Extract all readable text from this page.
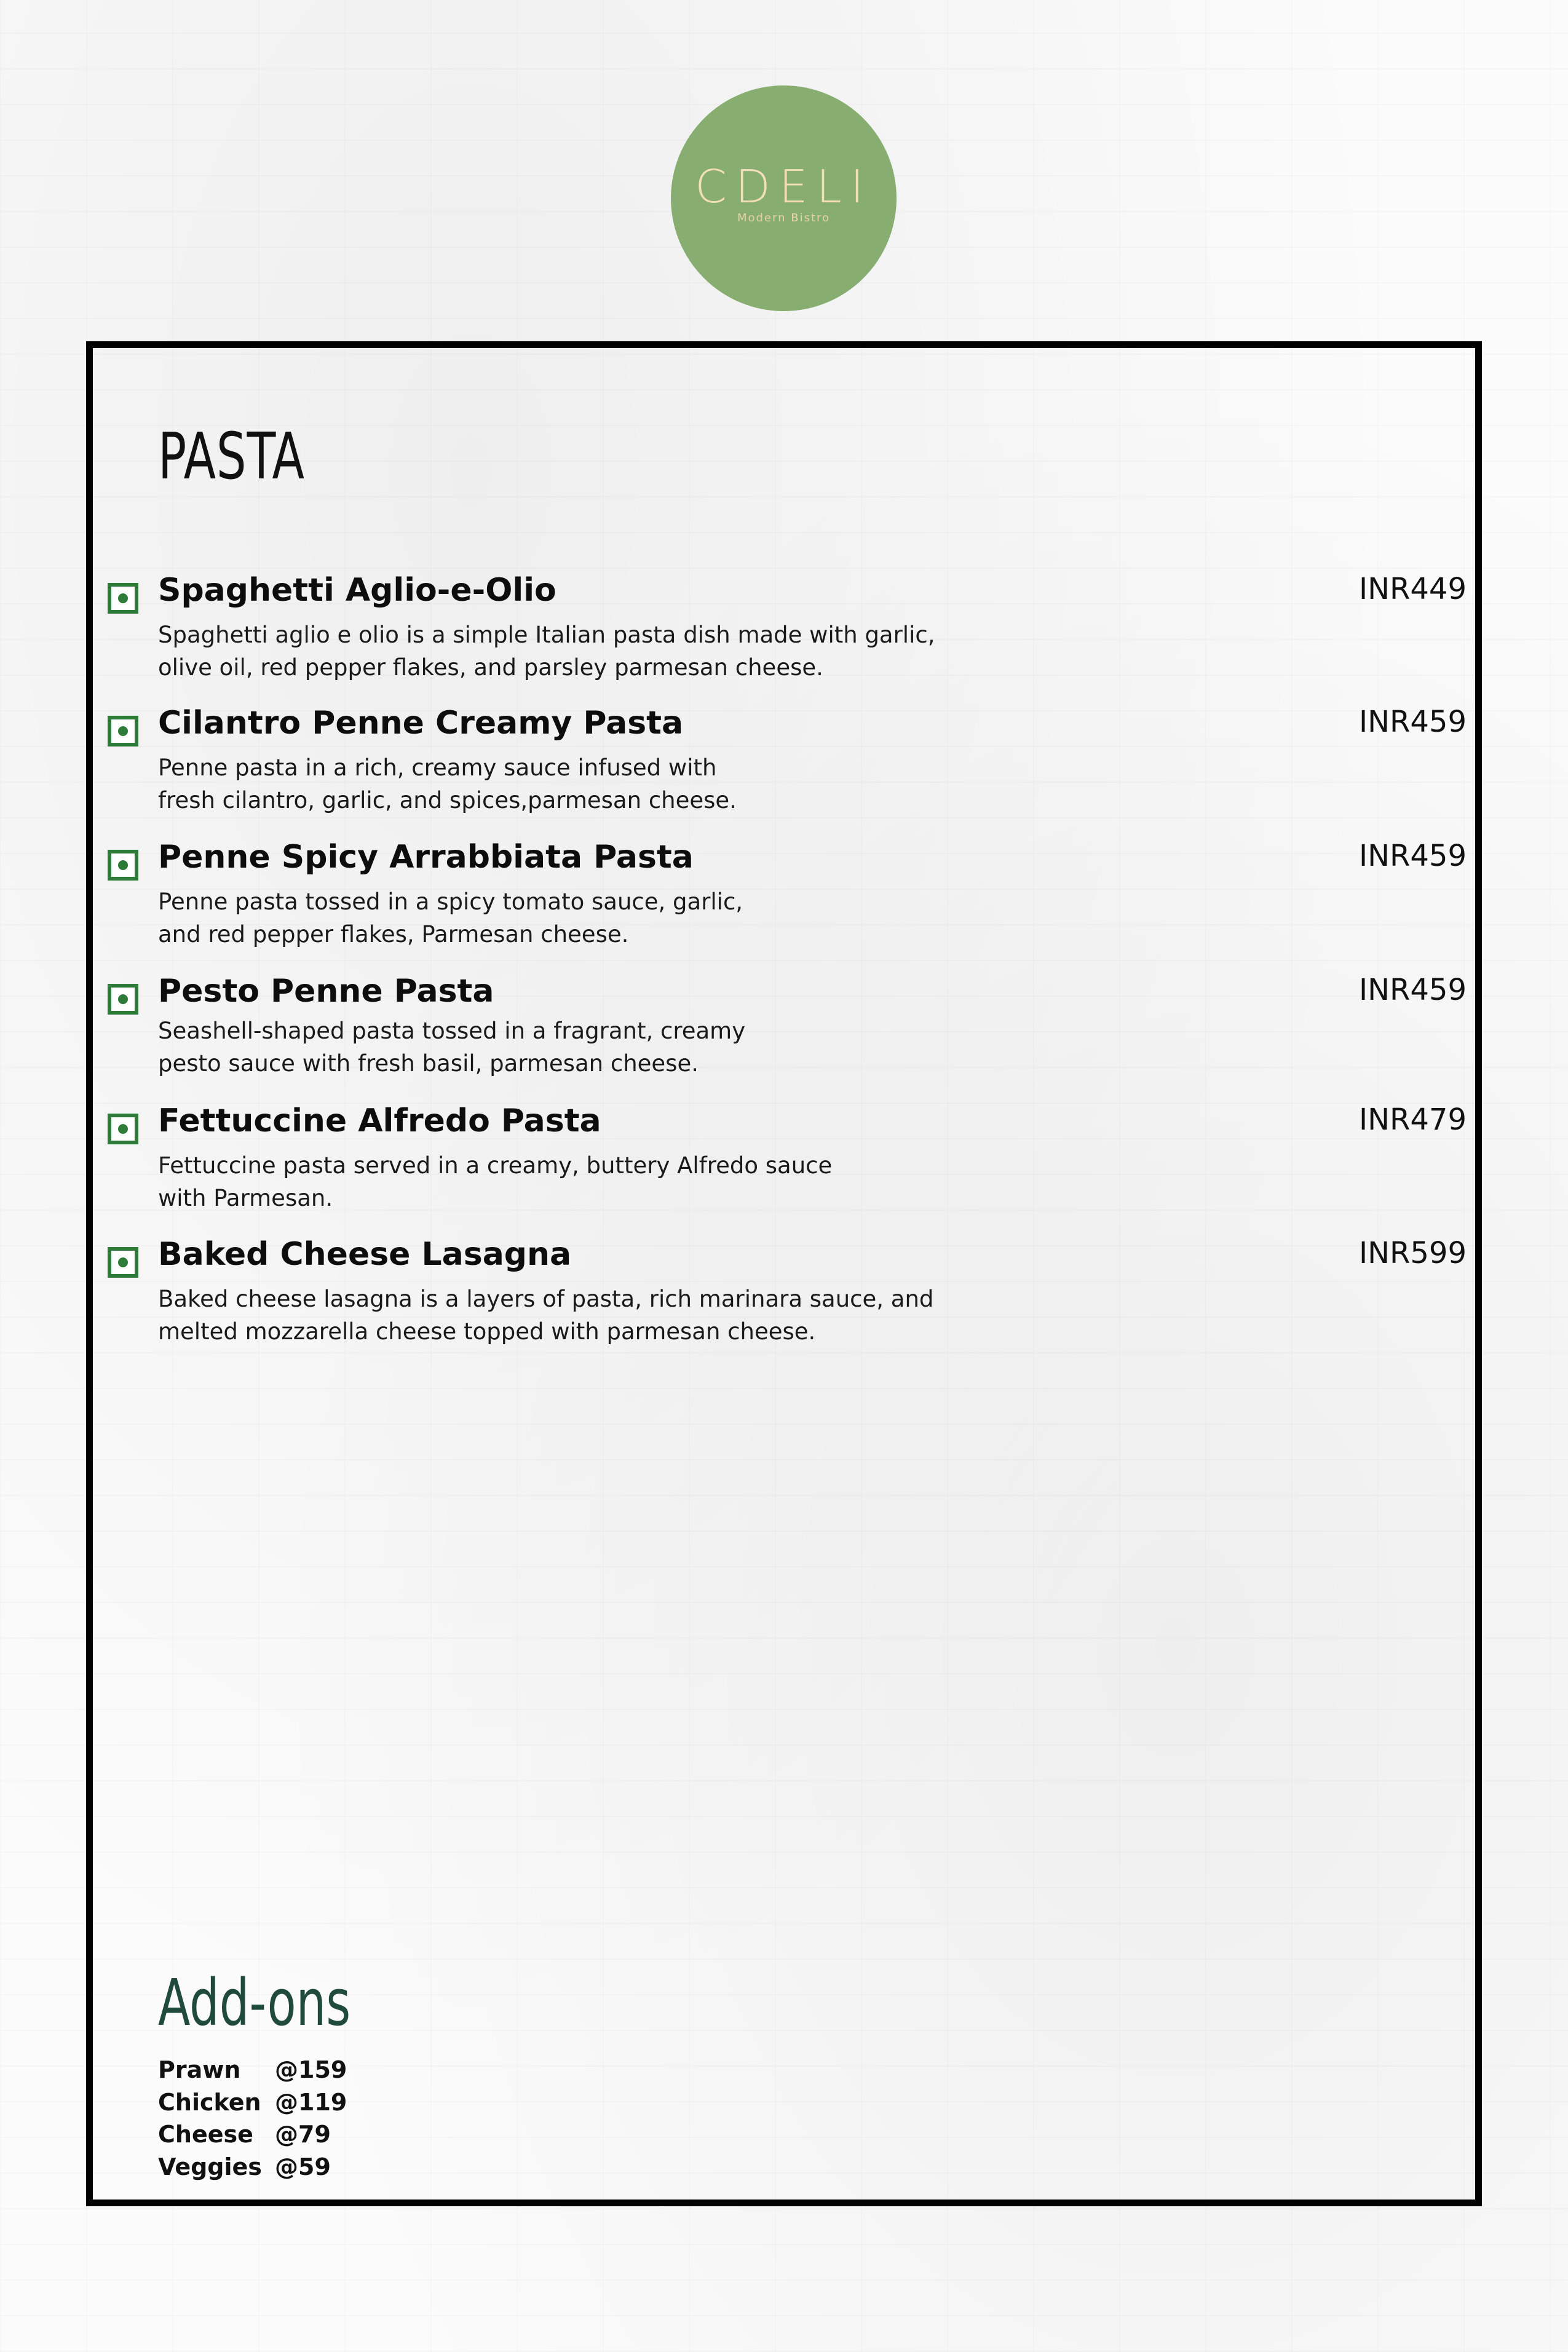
CDELI
Modern Bistro
PASTA
Spaghetti Aglio-e-Olio	INR449
Spaghetti aglio e olio is a simple Italian pasta dish made with garlic,
olive oil, red pepper flakes, and parsley parmesan cheese.
Cilantro Penne Creamy Pasta	INR459
Penne pasta in a rich, creamy sauce infused with
fresh cilantro, garlic, and spices,parmesan cheese.
Penne Spicy Arrabbiata Pasta	INR459
Penne pasta tossed in a spicy tomato sauce, garlic,
and red pepper flakes, Parmesan cheese.
Pesto Penne Pasta	INR459
Seashell-shaped pasta tossed in a fragrant, creamy
pesto sauce with fresh basil, parmesan cheese.
Fettuccine Alfredo Pasta	INR479
Fettuccine pasta served in a creamy, buttery Alfredo sauce
with Parmesan.
Baked Cheese Lasagna	INR599
Baked cheese lasagna is a layers of pasta, rich marinara sauce, and
melted mozzarella cheese topped with parmesan cheese.
Add-ons
Prawn @159
Chicken @119
Cheese @79
Veggies @59
